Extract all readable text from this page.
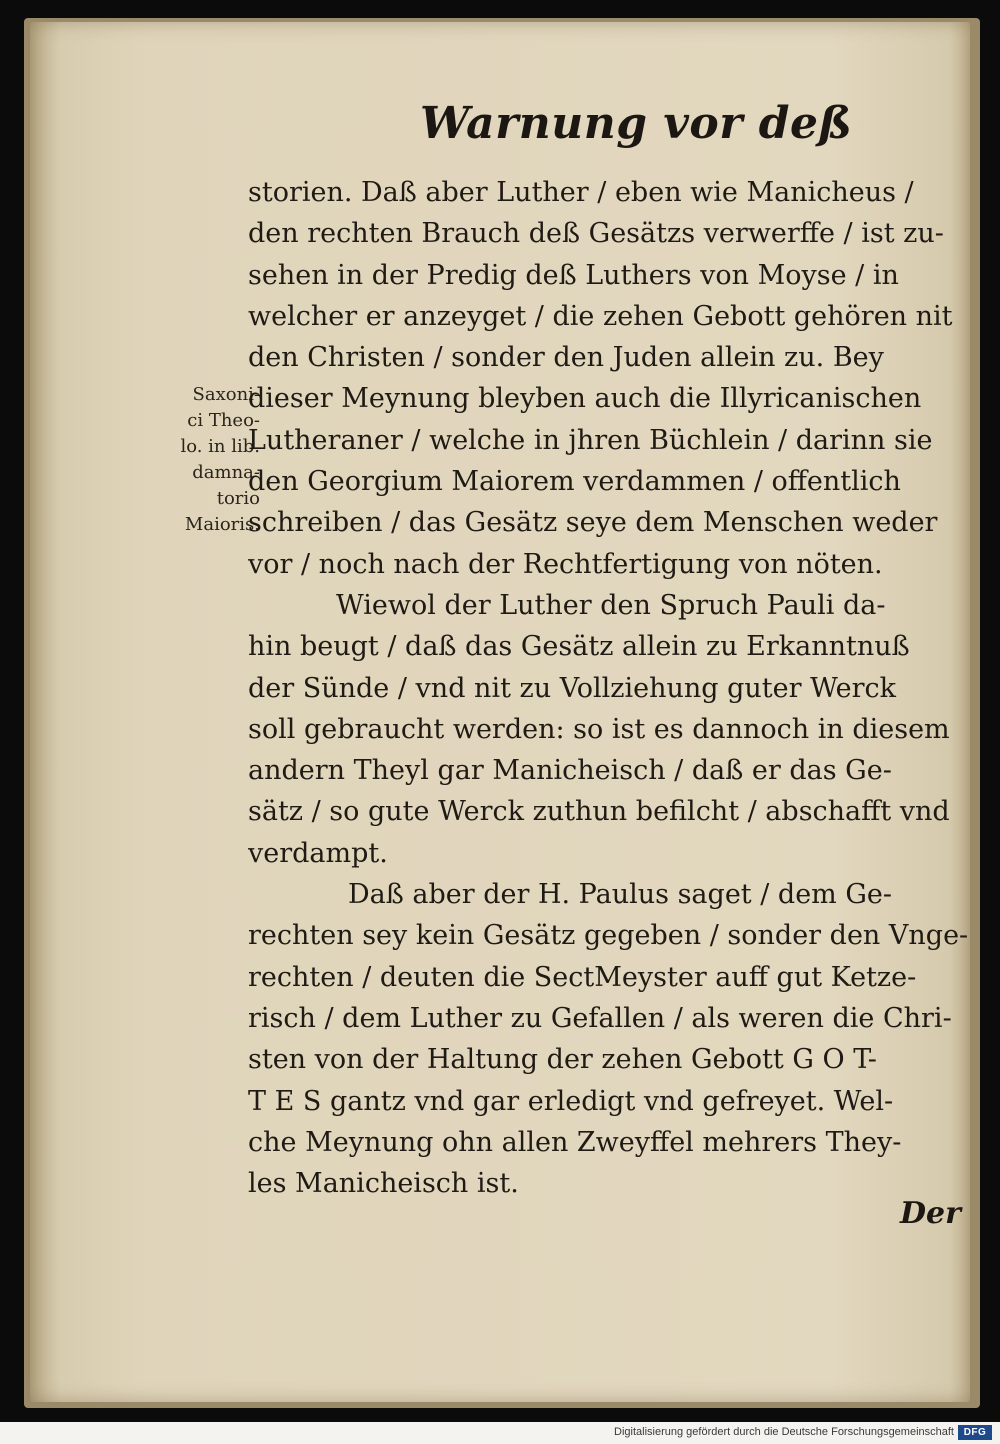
Warnung vor deß
Saxoni-
ci Theo-
lo. in lib.
damna-
torio
Maioris.
storien. Daß aber Luther / eben wie Manicheus /
den rechten Brauch deß Gesätzs verwerffe / ist zu-
sehen in der Predig deß Luthers von Moyse / in
welcher er anzeyget / die zehen Gebott gehören nit
den Christen / sonder den Juden allein zu. Bey
dieser Meynung bleyben auch die Illyricanischen
Lutheraner / welche in jhren Büchlein / darinn sie
den Georgium Maiorem verdammen / offentlich
schreiben / das Gesätz seye dem Menschen weder
vor / noch nach der Rechtfertigung von nöten.
Wiewol der Luther den Spruch Pauli da-
hin beugt / daß das Gesätz allein zu Erkanntnuß
der Sünde / vnd nit zu Vollziehung guter Werck
soll gebraucht werden: so ist es dannoch in diesem
andern Theyl gar Manicheisch / daß er das Ge-
sätz / so gute Werck zuthun befilcht / abschafft vnd
verdampt.
Daß aber der H. Paulus saget / dem Ge-
rechten sey kein Gesätz gegeben / sonder den Vnge-
rechten / deuten die SectMeyster auff gut Ketze-
risch / dem Luther zu Gefallen / als weren die Chri-
sten von der Haltung der zehen Gebott G O T-
T E S gantz vnd gar erledigt vnd gefreyet. Wel-
che Meynung ohn allen Zweyffel mehrers They-
les Manicheisch ist.
Der
Digitalisierung gefördert durch die Deutsche Forschungsgemeinschaft DFG
